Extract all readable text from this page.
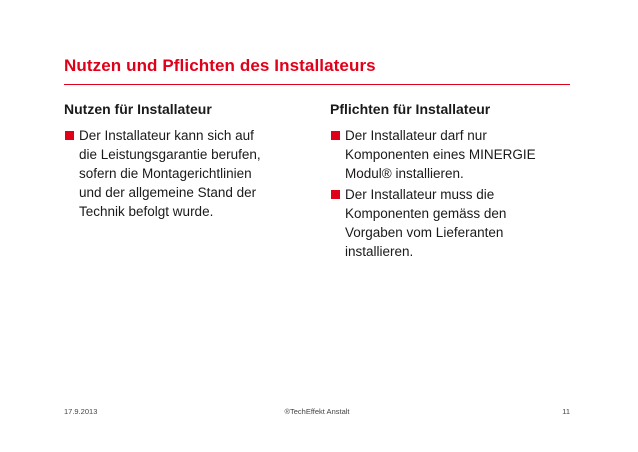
Nutzen und Pflichten des Installateurs
Nutzen für Installateur
Der Installateur kann sich auf
die Leistungsgarantie berufen,
sofern die Montagerichtlinien
und der allgemeine Stand der
Technik befolgt wurde.
Pflichten für Installateur
Der Installateur darf nur
Komponenten eines MINERGIE
Modul® installieren.
Der Installateur muss die
Komponenten gemäss den
Vorgaben vom Lieferanten
installieren.
17.9.2013	®TechEffekt Anstalt	11
